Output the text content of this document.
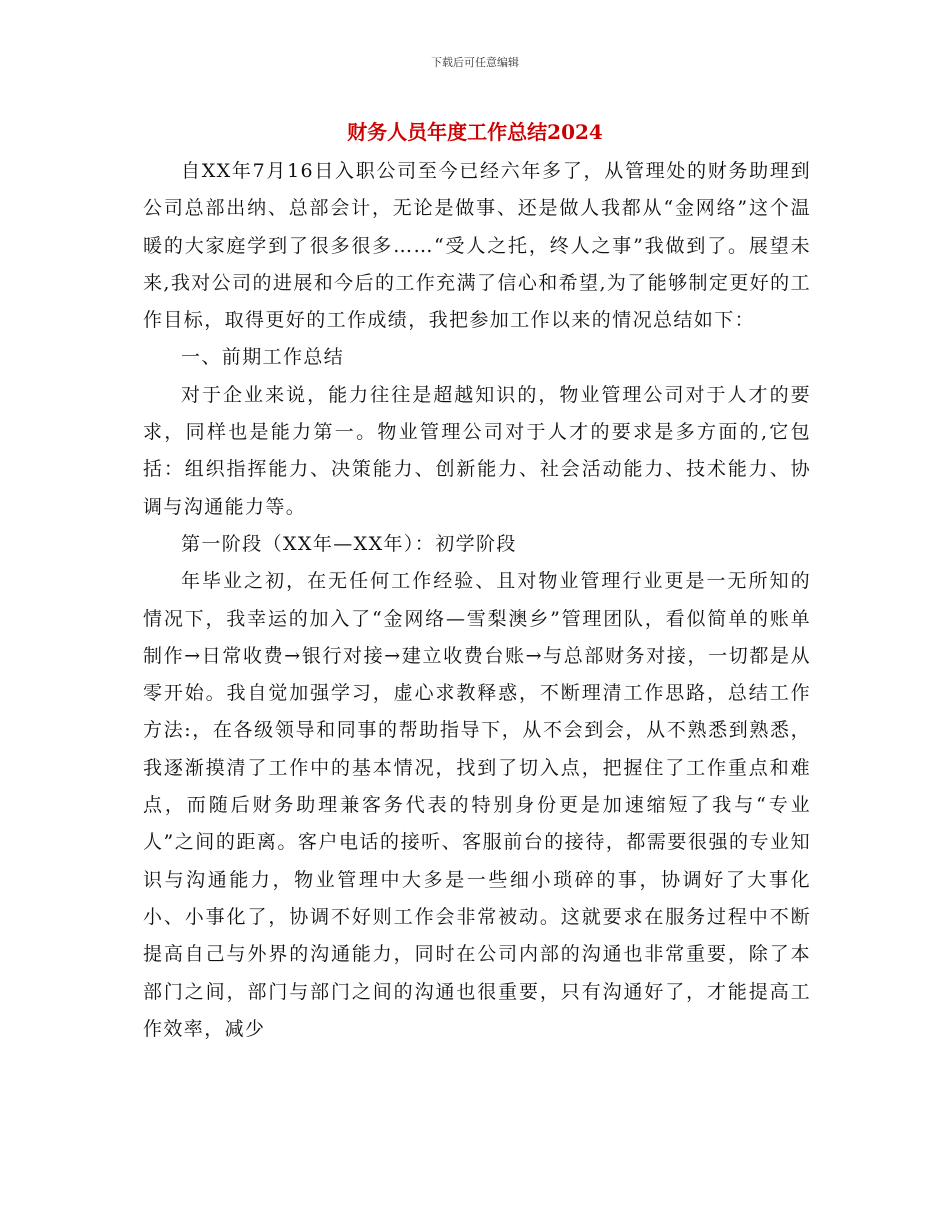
下载后可任意编辑
财务人员年度工作总结2024

自XX年7月16日入职公司至今已经六年多了，从管理处的财务助理到公司总部出纳、总部会计，无论是做事、还是做人我都从“金网络”这个温暖的大家庭学到了很多很多……“受人之托，终人之事”我做到了。展望未来,我对公司的进展和今后的工作充满了信心和希望,为了能够制定更好的工作目标，取得更好的工作成绩，我把参加工作以来的情况总结如下：

一、前期工作总结

对于企业来说，能力往往是超越知识的，物业管理公司对于人才的要求，同样也是能力第一。物业管理公司对于人才的要求是多方面的,它包括：组织指挥能力、决策能力、创新能力、社会活动能力、技术能力、协调与沟通能力等。

第一阶段（XX年—XX年）：初学阶段

年毕业之初，在无任何工作经验、且对物业管理行业更是一无所知的情况下，我幸运的加入了“金网络—雪梨澳乡”管理团队，看似简单的账单制作→日常收费→银行对接→建立收费台账→与总部财务对接，一切都是从零开始。我自觉加强学习，虚心求教释惑，不断理清工作思路，总结工作方法:，在各级领导和同事的帮助指导下，从不会到会，从不熟悉到熟悉，我逐渐摸清了工作中的基本情况，找到了切入点，把握住了工作重点和难点，而随后财务助理兼客务代表的特别身份更是加速缩短了我与“专业人”之间的距离。客户电话的接听、客服前台的接待，都需要很强的专业知识与沟通能力，物业管理中大多是一些细小琐碎的事，协调好了大事化小、小事化了，协调不好则工作会非常被动。这就要求在服务过程中不断提高自己与外界的沟通能力，同时在公司内部的沟通也非常重要，除了本部门之间，部门与部门之间的沟通也很重要，只有沟通好了，才能提高工作效率，减少
